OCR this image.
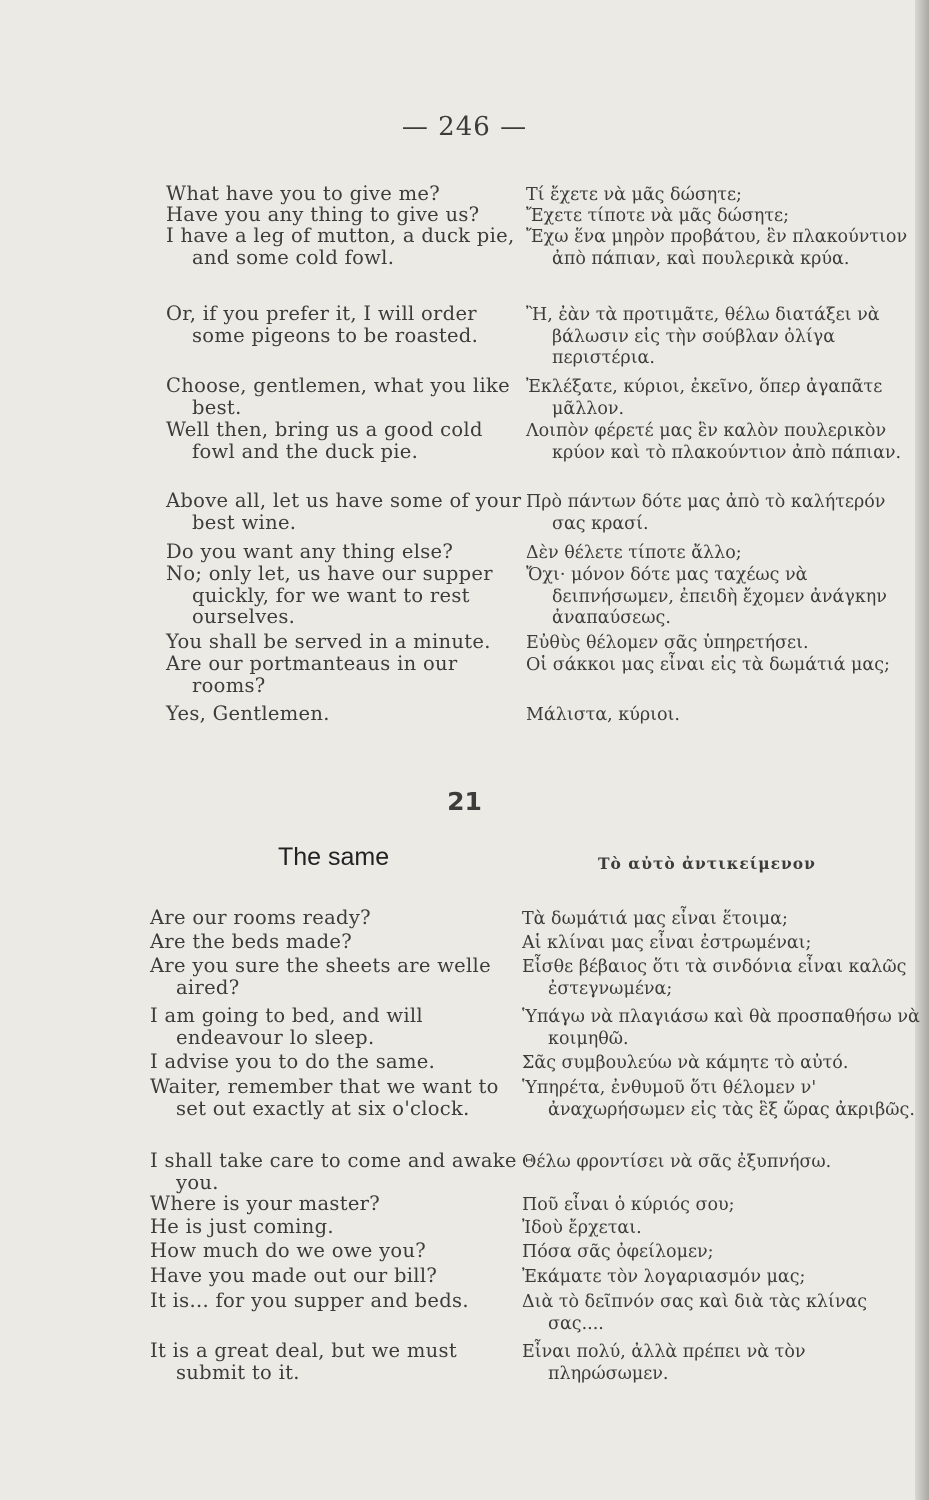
— 246 —

What have you to give me?

Have you any thing to give us?

I have a leg of mutton, a duck pie, and some cold fowl.

Or, if you prefer it, I will order some pigeons to be roasted.

Choose, gentlemen, what you like best.

Well then, bring us a good cold fowl and the duck pie.

Above all, let us have some of your best wine.

Do you want any thing else?

No; only let, us have our supper quickly, for we want to rest ourselves.

You shall be served in a minute.

Are our portmanteaus in our rooms?

Yes, Gentlemen.

Τί ἔχετε νὰ μᾶς δώσητε;

Ἔχετε τίποτε νὰ μᾶς δώσητε;

Ἔχω ἕνα μηρὸν προβάτου, ἓν πλακούντιον ἀπὸ πάπιαν, καὶ πουλερικὰ κρύα.

Ἢ, ἐὰν τὰ προτιμᾶτε, θέλω διατάξει νὰ βάλωσιν εἰς τὴν σούβλαν ὀλίγα περιστέρια.

Ἐκλέξατε, κύριοι, ἐκεῖνο, ὅπερ ἀγαπᾶτε μᾶλλον.

Λοιπὸν φέρετέ μας ἓν καλὸν πουλερικὸν κρύον καὶ τὸ πλακούντιον ἀπὸ πάπιαν.

Πρὸ πάντων δότε μας ἀπὸ τὸ καλήτερόν σας κρασί.

Δὲν θέλετε τίποτε ἄλλο;

Ὄχι· μόνον δότε μας ταχέως νὰ δειπνήσωμεν, ἐπειδὴ ἔχομεν ἀνάγκην ἀναπαύσεως.

Εὐθὺς θέλομεν σᾶς ὑπηρετήσει.

Οἱ σάκκοι μας εἶναι εἰς τὰ δωμάτιά μας;

Μάλιστα, κύριοι.

21
The same	Τὸ αὐτὸ ἀντικείμενον

Are our rooms ready?

Are the beds made?

Are you sure the sheets are welle aired?

I am going to bed, and will endeavour lo sleep.

I advise you to do the same.

Waiter, remember that we want to set out exactly at six o'clock.

I shall take care to come and awake you.

Where is your master?

He is just coming.

How much do we owe you?

Have you made out our bill?

It is... for you supper and beds.

It is a great deal, but we must submit to it.

Τὰ δωμάτιά μας εἶναι ἕτοιμα;

Αἱ κλίναι μας εἶναι ἐστρωμέναι;

Εἶσθε βέβαιος ὅτι τὰ σινδόνια εἶναι καλῶς ἐστεγνωμένα;

Ὑπάγω νὰ πλαγιάσω καὶ θὰ προσπαθήσω νὰ κοιμηθῶ.

Σᾶς συμβουλεύω νὰ κάμητε τὸ αὐτό.

Ὑπηρέτα, ἐνθυμοῦ ὅτι θέλομεν ν' ἀναχωρήσωμεν εἰς τὰς ἓξ ὥρας ἀκριβῶς.

Θέλω φροντίσει νὰ σᾶς ἐξυπνήσω.

Ποῦ εἶναι ὁ κύριός σου;

Ἰδοὺ ἔρχεται.

Πόσα σᾶς ὀφείλομεν;

Ἐκάματε τὸν λογαριασμόν μας;

Διὰ τὸ δεῖπνόν σας καὶ διὰ τὰς κλίνας σας....

Εἶναι πολύ, ἀλλὰ πρέπει νὰ τὸν πληρώσωμεν.
